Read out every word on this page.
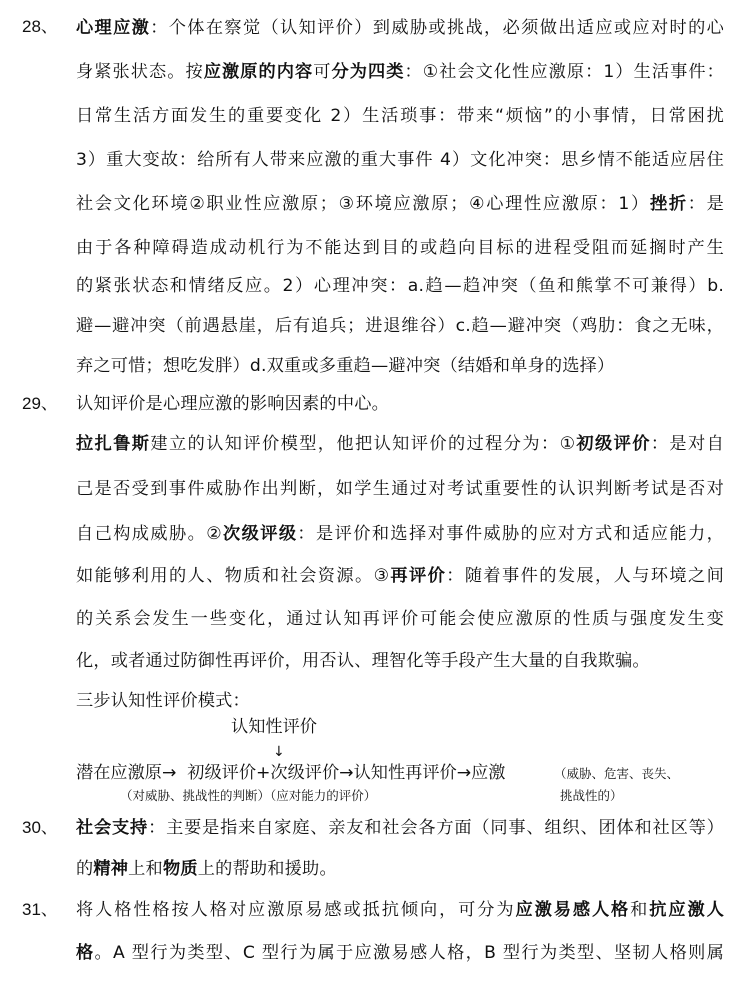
28、 心理应激：个体在察觉（认知评价）到威胁或挑战，必须做出适应或应对时的心
身紧张状态。按应激原的内容可分为四类：①社会文化性应激原：1）生活事件：
日常生活方面发生的重要变化 2）生活琐事：带来“烦恼”的小事情，日常困扰
3）重大变故：给所有人带来应激的重大事件 4）文化冲突：思乡情不能适应居住
社会文化环境②职业性应激原；③环境应激原；④心理性应激原：1）挫折：是
由于各种障碍造成动机行为不能达到目的或趋向目标的进程受阻而延搁时产生
的紧张状态和情绪反应。2）心理冲突：a.趋—趋冲突（鱼和熊掌不可兼得）b.
避—避冲突（前遇悬崖，后有追兵；进退维谷）c.趋—避冲突（鸡肋：食之无味，
弃之可惜；想吃发胖）d.双重或多重趋—避冲突（结婚和单身的选择）
29、 认知评价是心理应激的影响因素的中心。
拉扎鲁斯建立的认知评价模型，他把认知评价的过程分为：①初级评价：是对自
己是否受到事件威胁作出判断，如学生通过对考试重要性的认识判断考试是否对
自己构成威胁。②次级评级：是评价和选择对事件威胁的应对方式和适应能力，
如能够利用的人、物质和社会资源。③再评价：随着事件的发展，人与环境之间
的关系会发生一些变化，通过认知再评价可能会使应激原的性质与强度发生变
化，或者通过防御性再评价，用否认、理智化等手段产生大量的自我欺骗。
三步认知性评价模式：
认知性评价
↓
潜在应激原→  初级评价+次级评价→认知性再评价→应激	（威胁、危害、丧失、
挑战性的）
（对威胁、挑战性的判断）（应对能力的评价）
30、 社会支持：主要是指来自家庭、亲友和社会各方面（同事、组织、团体和社区等）
的精神上和物质上的帮助和援助。
31、 将人格性格按人格对应激原易感或抵抗倾向，可分为应激易感人格和抗应激人
格。A 型行为类型、C 型行为属于应激易感人格，B 型行为类型、坚韧人格则属
